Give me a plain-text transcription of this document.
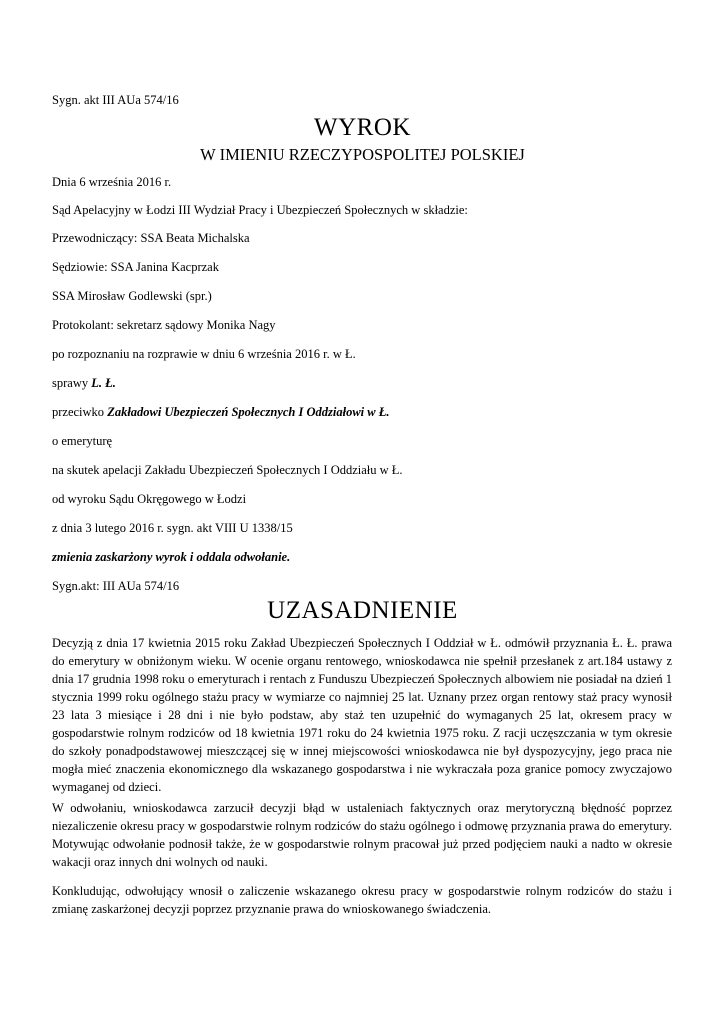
Sygn. akt III AUa 574/16
WYROK
W IMIENIU RZECZYPOSPOLITEJ POLSKIEJ
Dnia 6 września 2016 r.
Sąd Apelacyjny w Łodzi III Wydział Pracy i Ubezpieczeń Społecznych w składzie:
Przewodniczący: SSA Beata Michalska
Sędziowie: SSA Janina Kacprzak
SSA Mirosław Godlewski (spr.)
Protokolant: sekretarz sądowy Monika Nagy
po rozpoznaniu na rozprawie w dniu 6 września 2016 r. w Ł.
sprawy L. Ł.
przeciwko Zakładowi Ubezpieczeń Społecznych I Oddziałowi w Ł.
o emeryturę
na skutek apelacji Zakładu Ubezpieczeń Społecznych I Oddziału w Ł.
od wyroku Sądu Okręgowego w Łodzi
z dnia 3 lutego 2016 r. sygn. akt VIII U 1338/15
zmienia zaskarżony wyrok i oddala odwołanie.
Sygn.akt: III AUa 574/16
UZASADNIENIE

Decyzją z dnia 17 kwietnia 2015 roku Zakład Ubezpieczeń Społecznych I Oddział w Ł. odmówił przyznania Ł. Ł. prawa do emerytury w obniżonym wieku. W ocenie organu rentowego, wnioskodawca nie spełnił przesłanek z art.184 ustawy z dnia 17 grudnia 1998 roku o emeryturach i rentach z Funduszu Ubezpieczeń Społecznych albowiem nie posiadał na dzień 1 stycznia 1999 roku ogólnego stażu pracy w wymiarze co najmniej 25 lat. Uznany przez organ rentowy staż pracy wynosił 23 lata 3 miesiące i 28 dni i nie było podstaw, aby staż ten uzupełnić do wymaganych 25 lat, okresem pracy w gospodarstwie rolnym rodziców od 18 kwietnia 1971 roku do 24 kwietnia 1975 roku. Z racji uczęszczania w tym okresie do szkoły ponadpodstawowej mieszczącej się w innej miejscowości wnioskodawca nie był dyspozycyjny, jego praca nie mogła mieć znaczenia ekonomicznego dla wskazanego gospodarstwa i nie wykraczała poza granice pomocy zwyczajowo wymaganej od dzieci.

W odwołaniu, wnioskodawca zarzucił decyzji błąd w ustaleniach faktycznych oraz merytoryczną błędność poprzez niezaliczenie okresu pracy w gospodarstwie rolnym rodziców do stażu ogólnego i odmowę przyznania prawa do emerytury. Motywując odwołanie podnosił także, że w gospodarstwie rolnym pracował już przed podjęciem nauki a nadto w okresie wakacji oraz innych dni wolnych od nauki.

Konkludując, odwołujący wnosił o zaliczenie wskazanego okresu pracy w gospodarstwie rolnym rodziców do stażu i zmianę zaskarżonej decyzji poprzez przyznanie prawa do wnioskowanego świadczenia.
